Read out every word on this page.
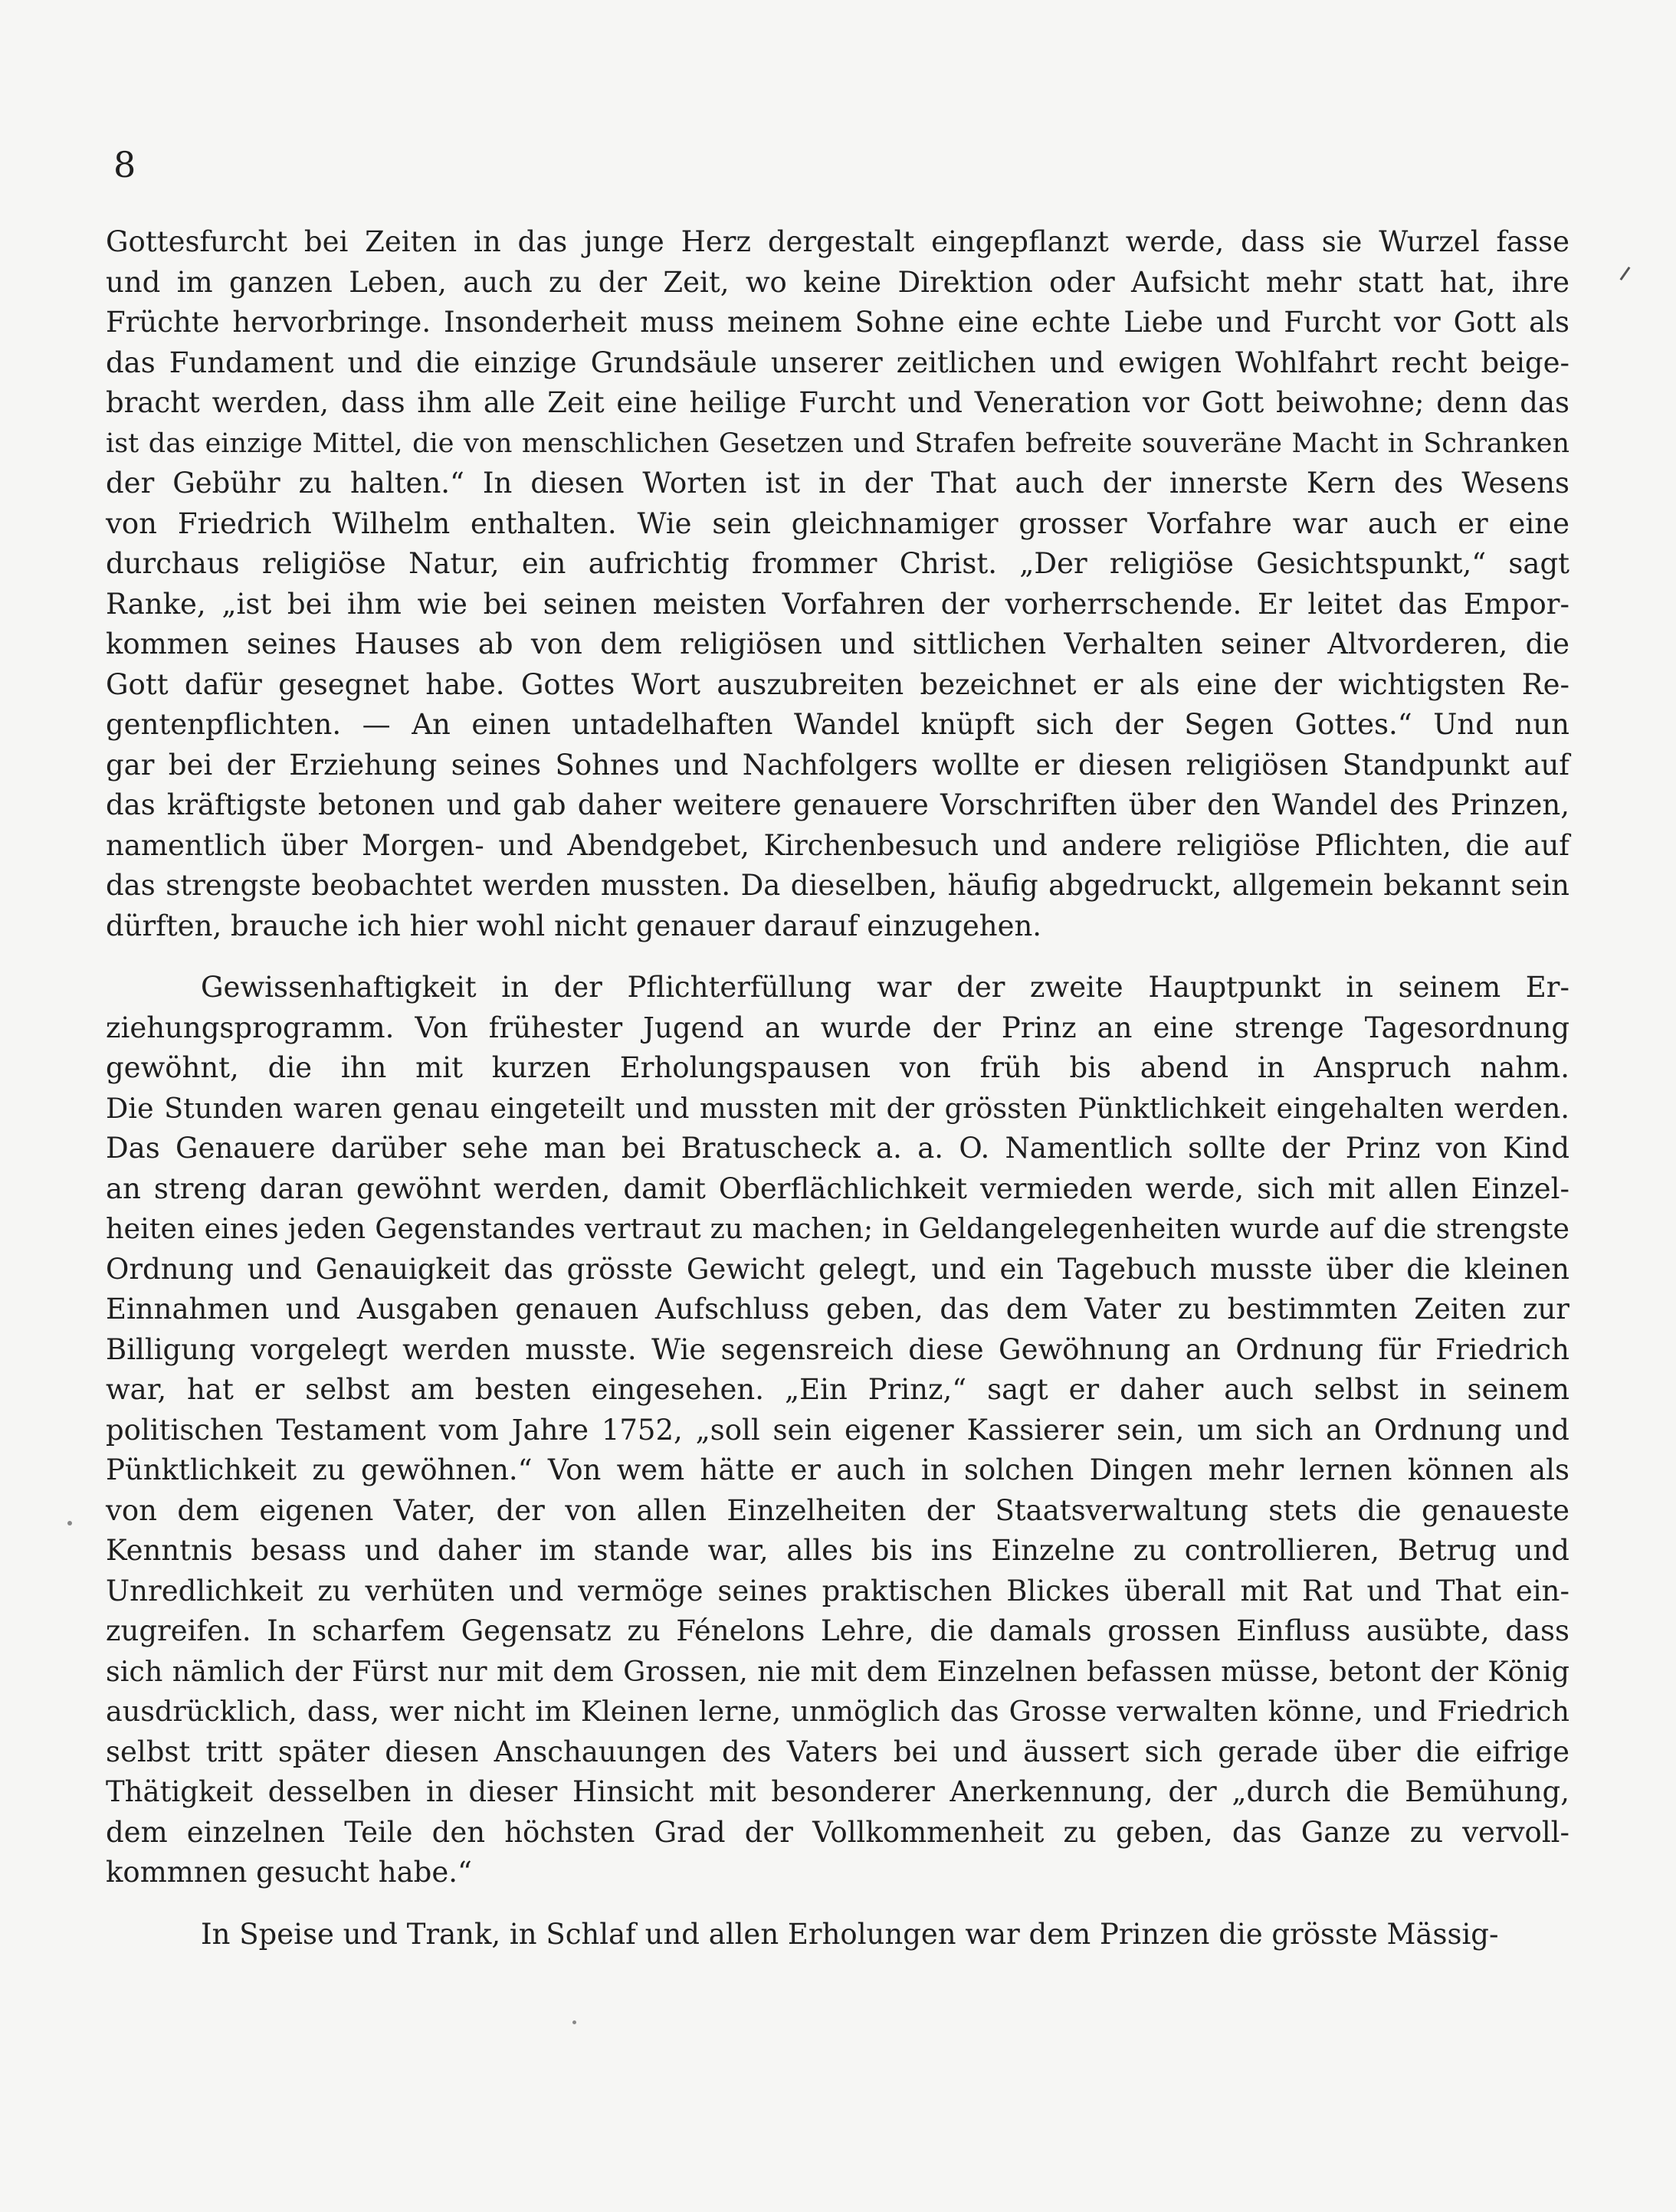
8
Gottesfurcht bei Zeiten in das junge Herz dergestalt eingepflanzt werde, dass sie Wurzel fasse
und im ganzen Leben, auch zu der Zeit, wo keine Direktion oder Aufsicht mehr statt hat, ihre
Früchte hervorbringe. Insonderheit muss meinem Sohne eine echte Liebe und Furcht vor Gott als
das Fundament und die einzige Grundsäule unserer zeitlichen und ewigen Wohlfahrt recht beige-
bracht werden, dass ihm alle Zeit eine heilige Furcht und Veneration vor Gott beiwohne; denn das
ist das einzige Mittel, die von menschlichen Gesetzen und Strafen befreite souveräne Macht in Schranken
der Gebühr zu halten.“ In diesen Worten ist in der That auch der innerste Kern des Wesens
von Friedrich Wilhelm enthalten. Wie sein gleichnamiger grosser Vorfahre war auch er eine
durchaus religiöse Natur, ein aufrichtig frommer Christ. „Der religiöse Gesichtspunkt,“ sagt
Ranke, „ist bei ihm wie bei seinen meisten Vorfahren der vorherrschende. Er leitet das Empor-
kommen seines Hauses ab von dem religiösen und sittlichen Verhalten seiner Altvorderen, die
Gott dafür gesegnet habe. Gottes Wort auszubreiten bezeichnet er als eine der wichtigsten Re-
gentenpflichten. — An einen untadelhaften Wandel knüpft sich der Segen Gottes.“ Und nun
gar bei der Erziehung seines Sohnes und Nachfolgers wollte er diesen religiösen Standpunkt auf
das kräftigste betonen und gab daher weitere genauere Vorschriften über den Wandel des Prinzen,
namentlich über Morgen- und Abendgebet, Kirchenbesuch und andere religiöse Pflichten, die auf
das strengste beobachtet werden mussten. Da dieselben, häufig abgedruckt, allgemein bekannt sein
dürften, brauche ich hier wohl nicht genauer darauf einzugehen.
Gewissenhaftigkeit in der Pflichterfüllung war der zweite Hauptpunkt in seinem Er-
ziehungsprogramm. Von frühester Jugend an wurde der Prinz an eine strenge Tagesordnung
gewöhnt, die ihn mit kurzen Erholungspausen von früh bis abend in Anspruch nahm.
Die Stunden waren genau eingeteilt und mussten mit der grössten Pünktlichkeit eingehalten werden.
Das Genauere darüber sehe man bei Bratuscheck a. a. O. Namentlich sollte der Prinz von Kind
an streng daran gewöhnt werden, damit Oberflächlichkeit vermieden werde, sich mit allen Einzel-
heiten eines jeden Gegenstandes vertraut zu machen; in Geldangelegenheiten wurde auf die strengste
Ordnung und Genauigkeit das grösste Gewicht gelegt, und ein Tagebuch musste über die kleinen
Einnahmen und Ausgaben genauen Aufschluss geben, das dem Vater zu bestimmten Zeiten zur
Billigung vorgelegt werden musste. Wie segensreich diese Gewöhnung an Ordnung für Friedrich
war, hat er selbst am besten eingesehen. „Ein Prinz,“ sagt er daher auch selbst in seinem
politischen Testament vom Jahre 1752, „soll sein eigener Kassierer sein, um sich an Ordnung und
Pünktlichkeit zu gewöhnen.“ Von wem hätte er auch in solchen Dingen mehr lernen können als
von dem eigenen Vater, der von allen Einzelheiten der Staatsverwaltung stets die genaueste
Kenntnis besass und daher im stande war, alles bis ins Einzelne zu controllieren, Betrug und
Unredlichkeit zu verhüten und vermöge seines praktischen Blickes überall mit Rat und That ein-
zugreifen. In scharfem Gegensatz zu Fénelons Lehre, die damals grossen Einfluss ausübte, dass
sich nämlich der Fürst nur mit dem Grossen, nie mit dem Einzelnen befassen müsse, betont der König
ausdrücklich, dass, wer nicht im Kleinen lerne, unmöglich das Grosse verwalten könne, und Friedrich
selbst tritt später diesen Anschauungen des Vaters bei und äussert sich gerade über die eifrige
Thätigkeit desselben in dieser Hinsicht mit besonderer Anerkennung, der „durch die Bemühung,
dem einzelnen Teile den höchsten Grad der Vollkommenheit zu geben, das Ganze zu vervoll-
kommnen gesucht habe.“
In Speise und Trank, in Schlaf und allen Erholungen war dem Prinzen die grösste Mässig-
